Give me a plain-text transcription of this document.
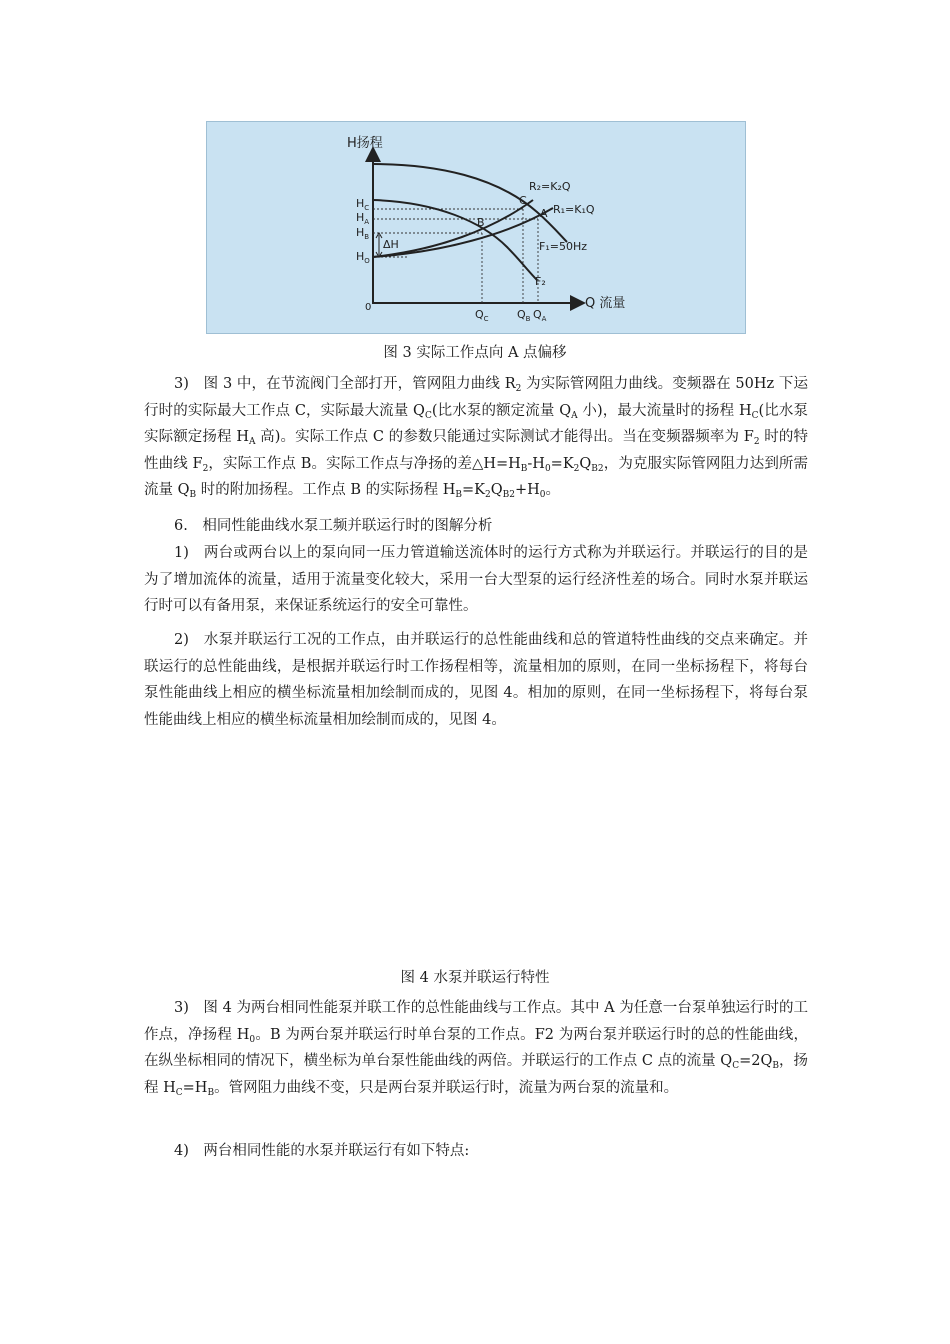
H扬程
Q 流量
0
$H_C$
$H_A$
$H_B$
$H_O$
ΔH
B
C
A
R₂=K₂Q
R₁=K₁Q
F₁=50Hz
F₂
$Q_C$	$Q_B$ $Q_A$
图 3 实际工作点向 A 点偏移

3)　图 3 中，在节流阀门全部打开，管网阻力曲线 $R_2$ 为实际管网阻力曲线。变频器在 50Hz 下运行时的实际最大工作点 C，实际最大流量 $Q_C$(比水泵的额定流量 $Q_A$ 小)，最大流量时的扬程 $H_C$(比水泵实际额定扬程 $H_A$ 高)。实际工作点 C 的参数只能通过实际测试才能得出。当在变频器频率为 $F_2$ 时的特性曲线 $F_2$，实际工作点 B。实际工作点与净扬的差$\triangle H=H_B-H_0=K_2Q_{B2}$，为克服实际管网阻力达到所需流量 $Q_B$ 时的附加扬程。工作点 B 的实际扬程 $H_B=K_2Q_{B2}+H_0$。

6.　相同性能曲线水泵工频并联运行时的图解分析

1)　两台或两台以上的泵向同一压力管道输送流体时的运行方式称为并联运行。并联运行的目的是为了增加流体的流量，适用于流量变化较大，采用一台大型泵的运行经济性差的场合。同时水泵并联运行时可以有备用泵，来保证系统运行的安全可靠性。

2)　水泵并联运行工况的工作点，由并联运行的总性能曲线和总的管道特性曲线的交点来确定。并联运行的总性能曲线，是根据并联运行时工作扬程相等，流量相加的原则，在同一坐标扬程下，将每台泵性能曲线上相应的横坐标流量相加绘制而成的，见图 4。相加的原则，在同一坐标扬程下，将每台泵性能曲线上相应的横坐标流量相加绘制而成的，见图 4。

图 4 水泵并联运行特性

3)　图 4 为两台相同性能泵并联工作的总性能曲线与工作点。其中 A 为任意一台泵单独运行时的工作点，净扬程 $H_0$。B 为两台泵并联运行时单台泵的工作点。F2 为两台泵并联运行时的总的性能曲线，在纵坐标相同的情况下，横坐标为单台泵性能曲线的两倍。并联运行的工作点 C 点的流量 $Q_C=2Q_B$，扬程 $H_C=H_B$。管网阻力曲线不变，只是两台泵并联运行时，流量为两台泵的流量和。

4)　两台相同性能的水泵并联运行有如下特点:
